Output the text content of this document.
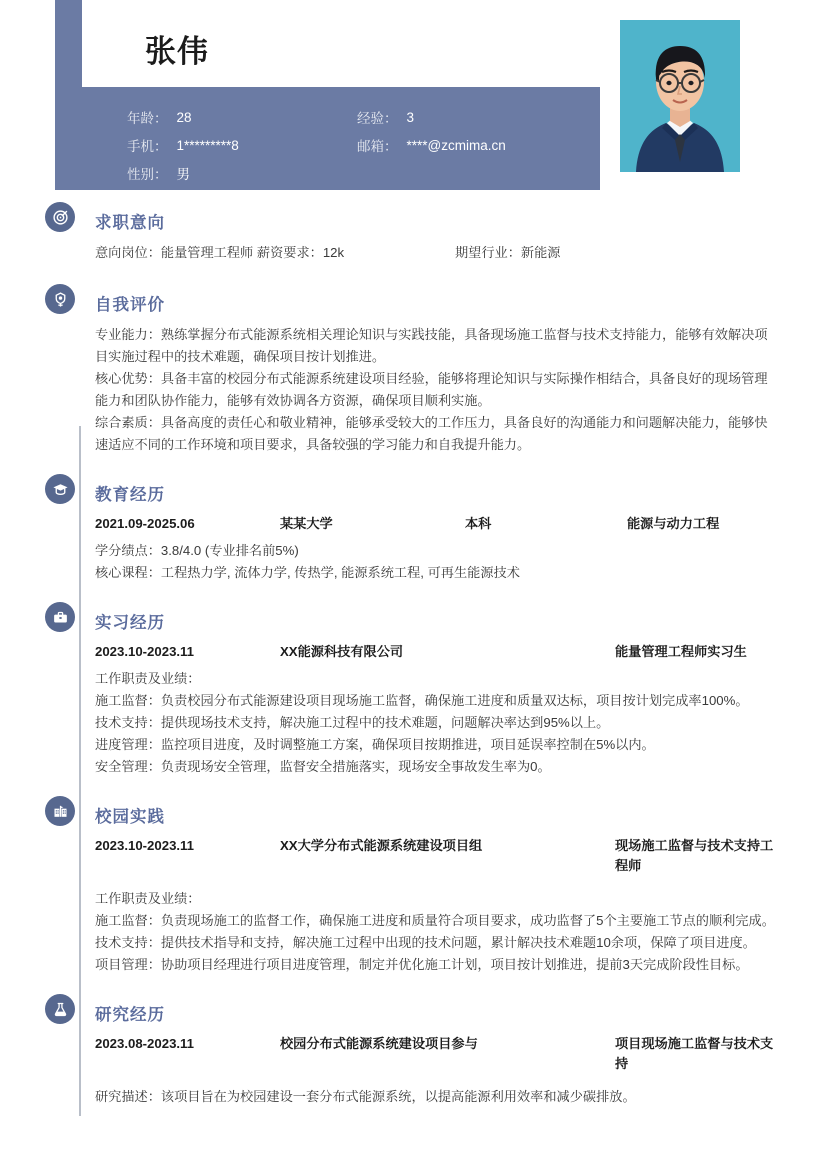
张伟
年龄： 28	经验： 3
手机： 1*********8	邮箱： ****@zcmima.cn
性别： 男
求职意向
意向岗位：能量管理工程师 薪资要求：12k	期望行业：新能源
自我评价

专业能力：熟练掌握分布式能源系统相关理论知识与实践技能，具备现场施工监督与技术支持能力，能够有效解决项目实施过程中的技术难题，确保项目按计划推进。

核心优势：具备丰富的校园分布式能源系统建设项目经验，能够将理论知识与实际操作相结合，具备良好的现场管理能力和团队协作能力，能够有效协调各方资源，确保项目顺利实施。

综合素质：具备高度的责任心和敬业精神，能够承受较大的工作压力，具备良好的沟通能力和问题解决能力，能够快速适应不同的工作环境和项目要求，具备较强的学习能力和自我提升能力。

教育经历
2021.09-2025.06	某某大学	本科	能源与动力工程

学分绩点：3.8/4.0 (专业排名前5%)

核心课程：工程热力学, 流体力学, 传热学, 能源系统工程, 可再生能源技术

实习经历
2023.10-2023.11	XX能源科技有限公司	能量管理工程师实习生

工作职责及业绩：

施工监督：负责校园分布式能源建设项目现场施工监督，确保施工进度和质量双达标，项目按计划完成率100%。

技术支持：提供现场技术支持，解决施工过程中的技术难题，问题解决率达到95%以上。

进度管理：监控项目进度，及时调整施工方案，确保项目按期推进，项目延误率控制在5%以内。

安全管理：负责现场安全管理，监督安全措施落实，现场安全事故发生率为0。

校园实践
2023.10-2023.11	XX大学分布式能源系统建设项目组	现场施工监督与技术支持工程师

工作职责及业绩：

施工监督：负责现场施工的监督工作，确保施工进度和质量符合项目要求，成功监督了5个主要施工节点的顺利完成。

技术支持：提供技术指导和支持，解决施工过程中出现的技术问题，累计解决技术难题10余项，保障了项目进度。

项目管理：协助项目经理进行项目进度管理，制定并优化施工计划，项目按计划推进，提前3天完成阶段性目标。

研究经历
2023.08-2023.11	校园分布式能源系统建设项目参与	项目现场施工监督与技术支持

研究描述：该项目旨在为校园建设一套分布式能源系统，以提高能源利用效率和减少碳排放。
